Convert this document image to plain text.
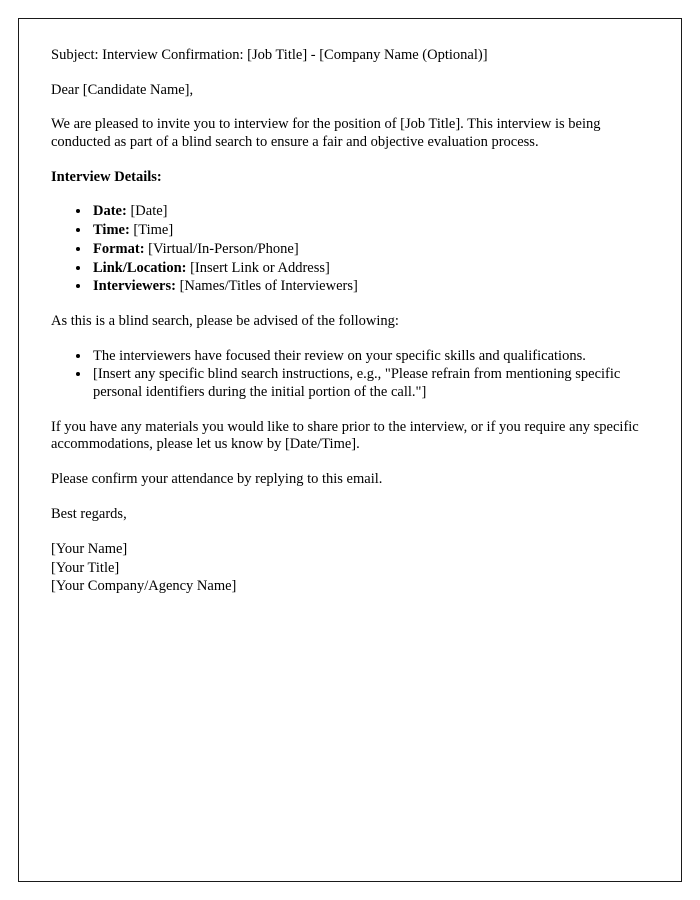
Subject: Interview Confirmation: [Job Title] - [Company Name (Optional)]

Dear [Candidate Name],

We are pleased to invite you to interview for the position of [Job Title]. This interview is being conducted as part of a blind search to ensure a fair and objective evaluation process.

Interview Details:

• Date: [Date]
• Time: [Time]
• Format: [Virtual/In-Person/Phone]
• Link/Location: [Insert Link or Address]
• Interviewers: [Names/Titles of Interviewers]

As this is a blind search, please be advised of the following:

• The interviewers have focused their review on your specific skills and qualifications.
• [Insert any specific blind search instructions, e.g., "Please refrain from mentioning specific personal identifiers during the initial portion of the call."]

If you have any materials you would like to share prior to the interview, or if you require any specific accommodations, please let us know by [Date/Time].

Please confirm your attendance by replying to this email.

Best regards,

[Your Name]

[Your Title]

[Your Company/Agency Name]
